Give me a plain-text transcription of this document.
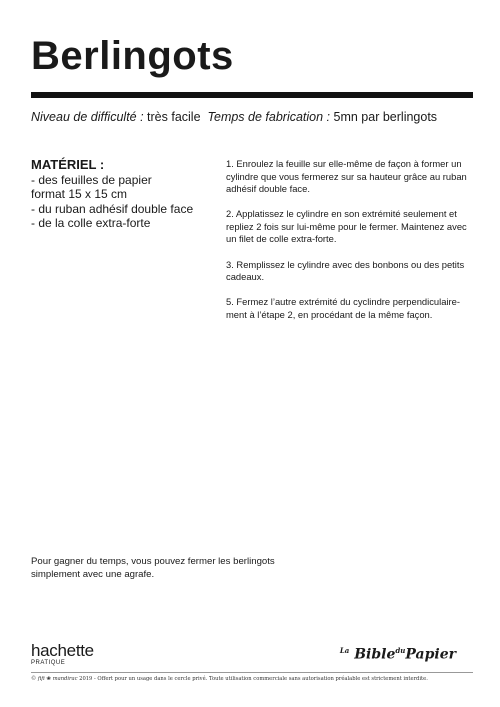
Berlingots
Niveau de difficulté : très facile Temps de fabrication : 5mn par berlingots
MATÉRIEL :
- des feuilles de papier
format 15 x 15 cm
- du ruban adhésif double face
- de la colle extra-forte

1. Enroulez la feuille sur elle-même de façon à former un cylindre que vous fermerez sur sa hauteur grâce au ruban adhésif double face.

2. Applatissez le cylindre en son extrémité seulement et repliez 2 fois sur lui-même pour le fermer. Maintenez avec un filet de colle extra-forte.

3. Remplissez le cylindre avec des bonbons ou des petits cadeaux.

5. Fermez l’autre extrémité du cyclindre perpendiculaire-ment à l’étape 2, en procédant de la même façon.

Pour gagner du temps, vous pouvez fermer les berlingots simplement avec une agrafe.
hachette
PRATIQUE
$^{La}$ Bible$^{du}$Papier
© fifi ❀ mandirac 2019 - Offert pour un usage dans le cercle privé. Toute utilisation commerciale sans autorisation préalable est strictement interdite.
